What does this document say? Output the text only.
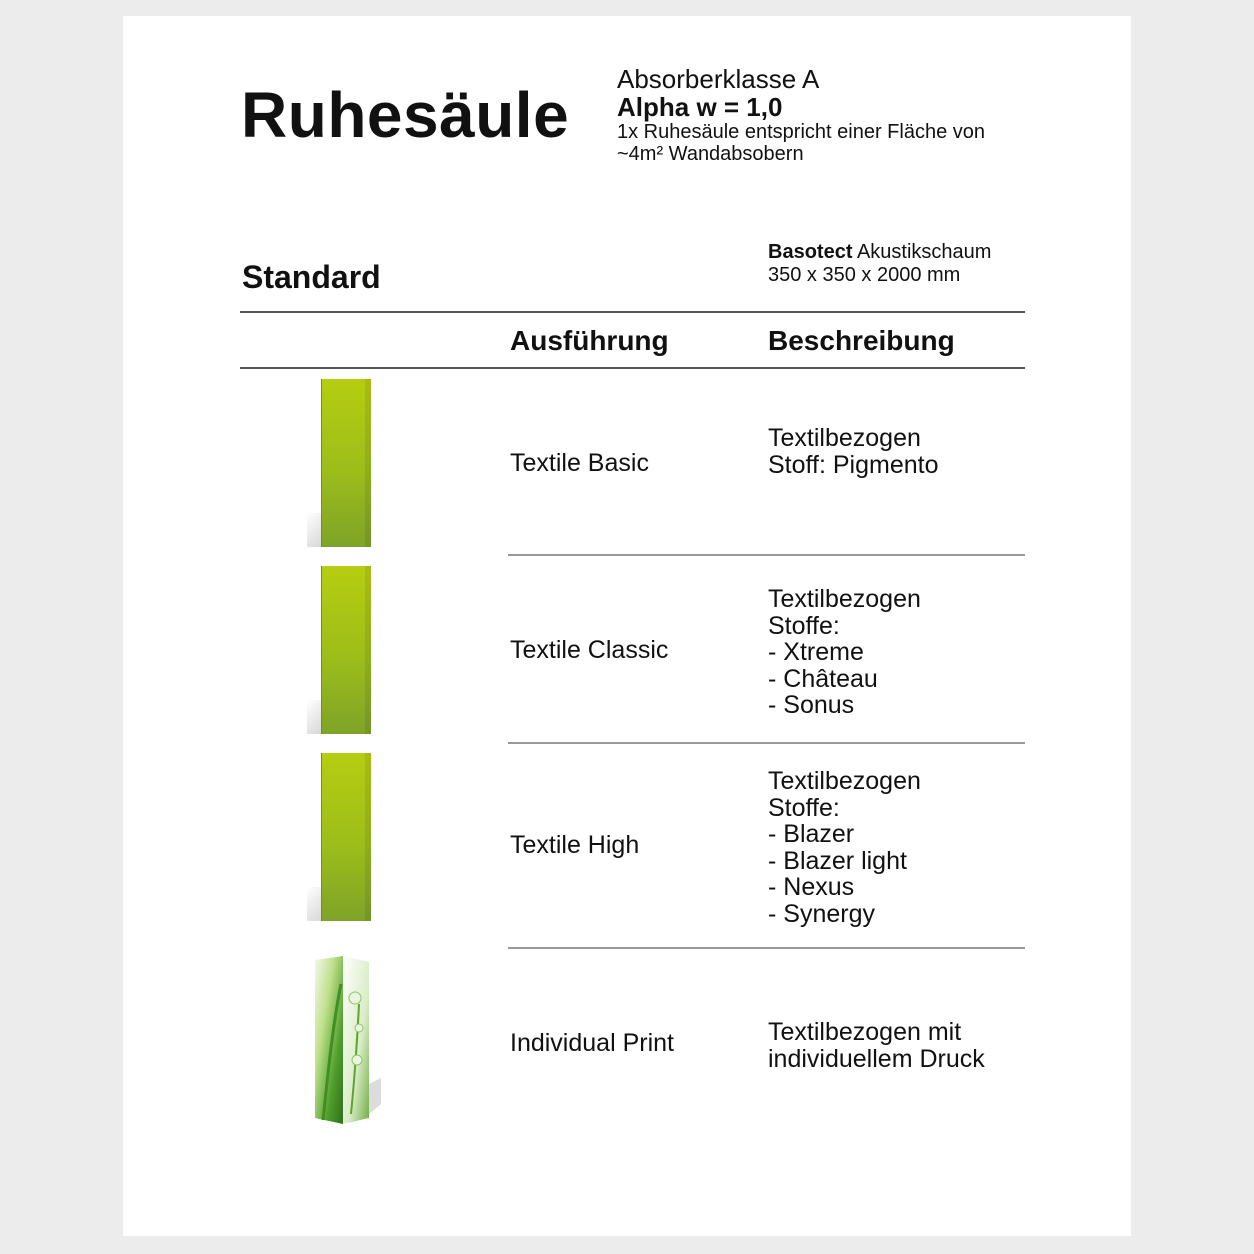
Ruhesäule Absorberklasse A
Alpha w = 1,0
1x Ruhesäule entspricht einer Fläche von
~4m² Wandabsobern
Standard
Basotect Akustikschaum
350 x 350 x 2000 mm
Ausführung	Beschreibung
Textile Basic
Textilbezogen
Stoff: Pigmento
Textile Classic
Textilbezogen
Stoffe:
- Xtreme
- Château
- Sonus
Textile High
Textilbezogen
Stoffe:
- Blazer
- Blazer light
- Nexus
- Synergy
Individual Print	Textilbezogen mit
individuellem Druck
